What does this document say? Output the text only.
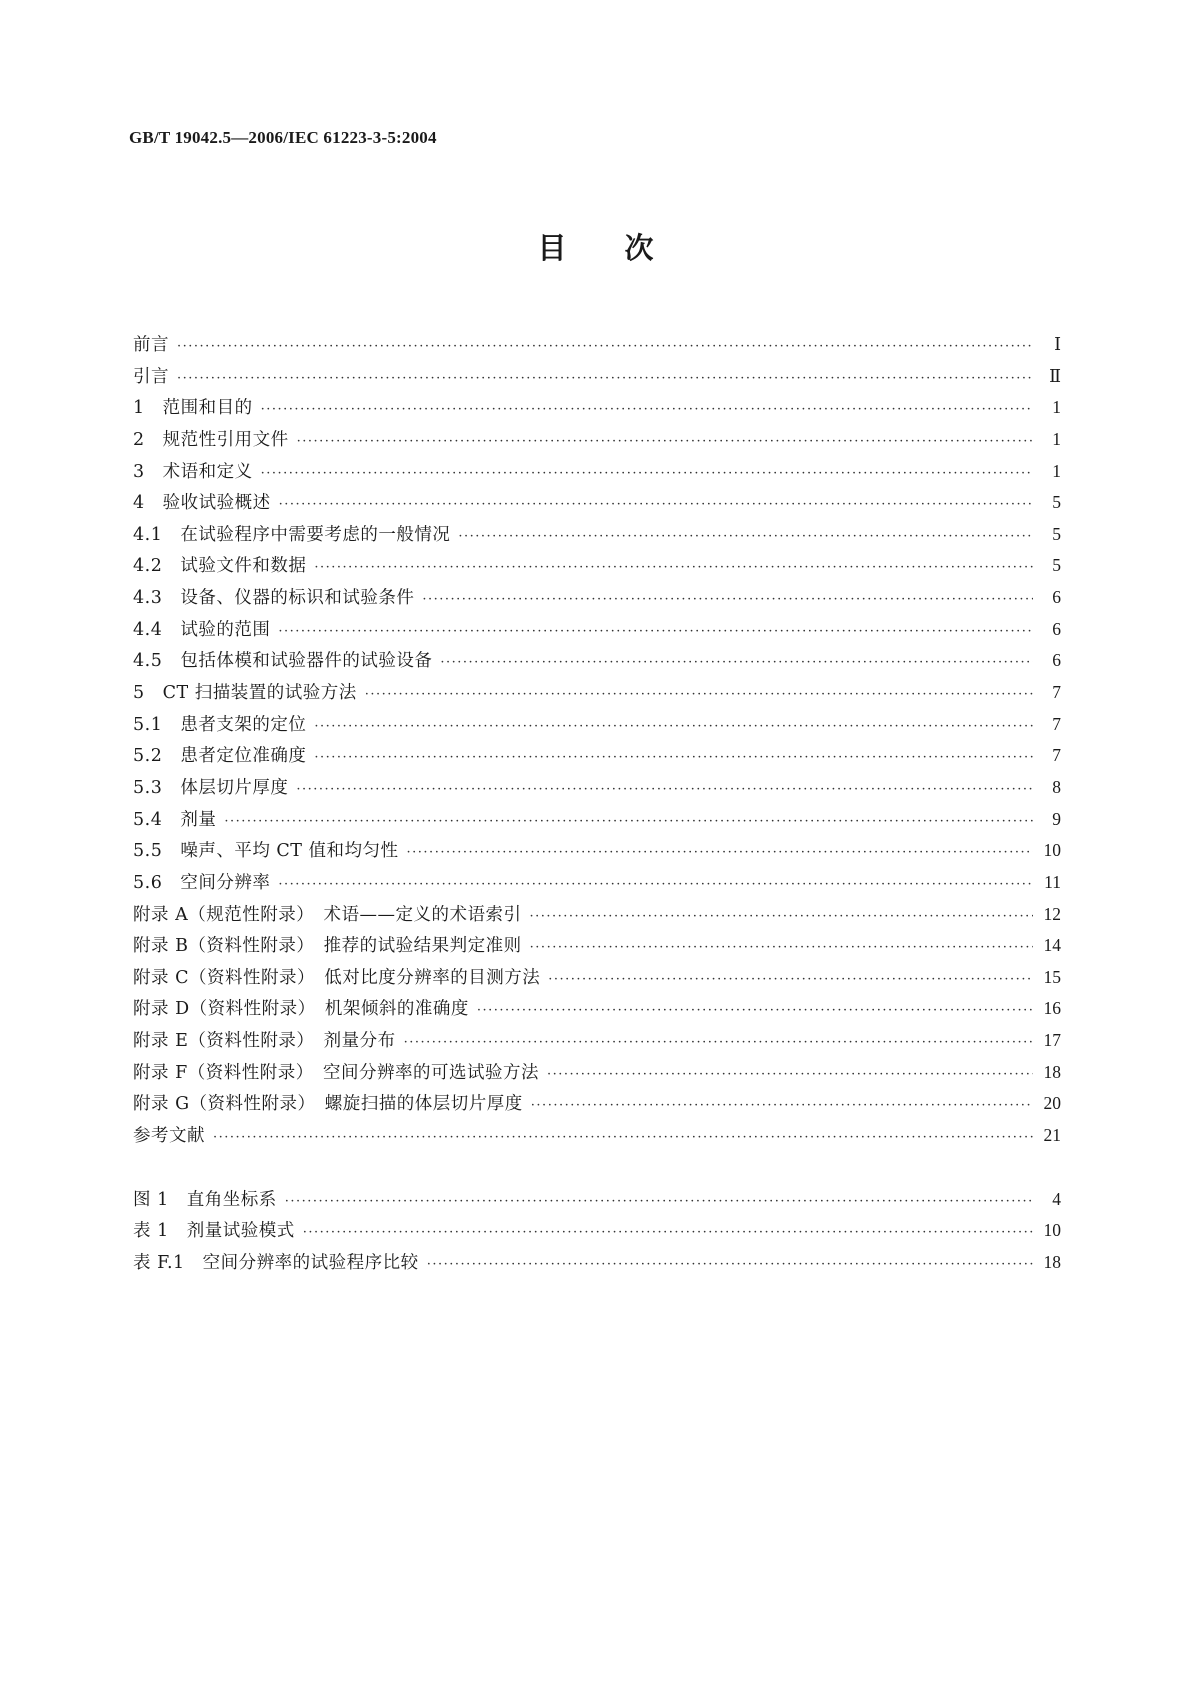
GB/T 19042.5—2006/IEC 61223-3-5:2004
目次
前言 ·····	Ⅰ
引言 ·····	Ⅱ
1　范围和目的 ·····	1
2　规范性引用文件 ·····	1
3　术语和定义 ·····	1
4　验收试验概述 ·····	5
4.1　在试验程序中需要考虑的一般情况 ·····	5
4.2　试验文件和数据 ·····	5
4.3　设备、仪器的标识和试验条件 ·····	6
4.4　试验的范围 ·····	6
4.5　包括体模和试验器件的试验设备 ·····	6
5　CT 扫描装置的试验方法 ·····	7
5.1　患者支架的定位 ·····	7
5.2　患者定位准确度 ·····	7
5.3　体层切片厚度 ·····	8
5.4　剂量 ·····	9
5.5　噪声、平均 CT 值和均匀性 ·····	10
5.6　空间分辨率 ·····	11
附录 A（规范性附录）　术语——定义的术语索引 ·····	12
附录 B（资料性附录）　推荐的试验结果判定准则 ·····	14
附录 C（资料性附录）　低对比度分辨率的目测方法 ·····	15
附录 D（资料性附录）　机架倾斜的准确度 ·····	16
附录 E（资料性附录）　剂量分布 ·····	17
附录 F（资料性附录）　空间分辨率的可选试验方法 ·····	18
附录 G（资料性附录）　螺旋扫描的体层切片厚度 ·····	20
参考文献 ·····	21
图 1　直角坐标系 ·····	4
表 1　剂量试验模式 ·····	10
表 F.1　空间分辨率的试验程序比较 ·····	18
